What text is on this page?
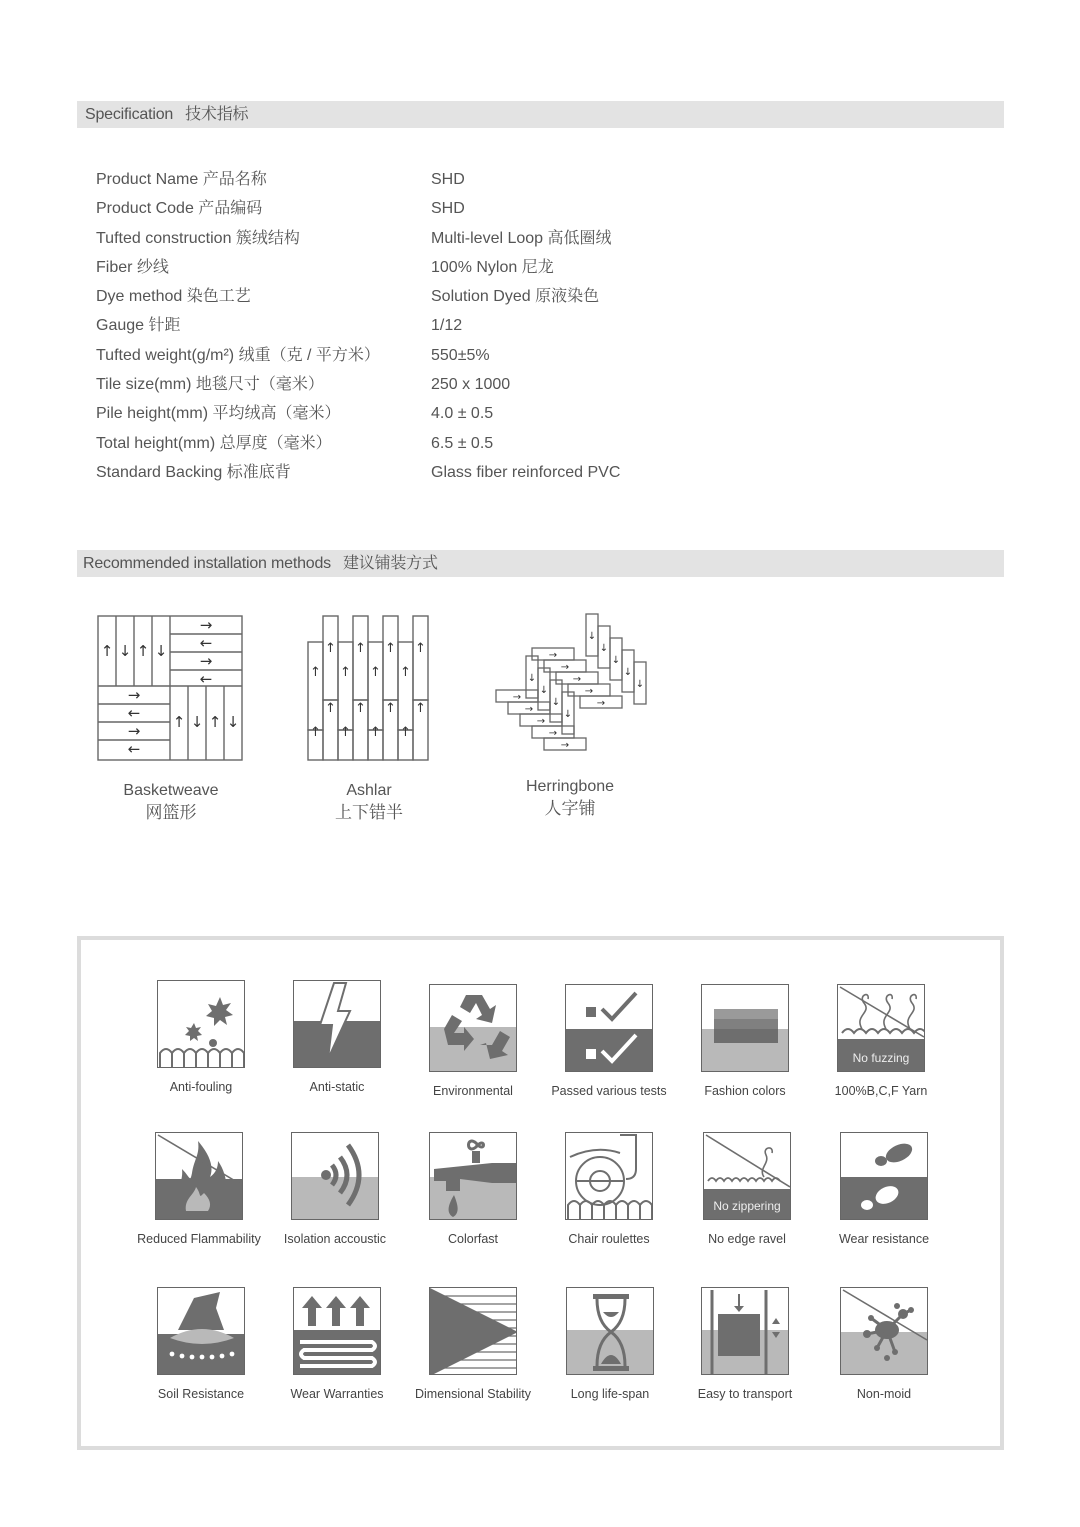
Specification 技术指标
Product Name 产品名称	SHD
Product Code 产品编码	SHD
Tufted construction 簇绒结构	Multi-level Loop 高低圈绒
Fiber 纱线	100% Nylon 尼龙
Dye method 染色工艺	Solution Dyed 原液染色
Gauge 针距	1/12
Tufted weight(g/m²) 绒重（克 / 平方米）	550±5%
Tile size(mm) 地毯尺寸（毫米）	250 x 1000
Pile height(mm) 平均绒高（毫米）	4.0 ± 0.5
Total height(mm) 总厚度（毫米）	6.5 ± 0.5
Standard Backing 标准底背	Glass fiber reinforced PVC
Recommended installation methods 建议铺装方式
↑ ↓ ↑ ↓
→
←
→
←
→
←
→
←
↑ ↓ ↑ ↓
Basketweave
网篮形
↑ ↑ ↑ ↑
↑ ↑ ↑ ↑
↑ ↑ ↑ ↑
↑ ↑ ↑ ↑
Ashlar
上下错半
↓
↓
↓
↓
↓
→
→
→
→
→
↓
↓
↓
↓
→
→
→
→
→
Herringbone
人字铺
Anti-fouling	Anti-static	Environmental	Passed various tests	Fashion colors
No fuzzing
100%B,C,F Yarn
Reduced Flammability	Isolation accoustic	Colorfast	Chair roulettes
No zippering
No edge ravel	Wear resistance
Soil Resistance	Wear Warranties	Dimensional Stability	Long life-span	Easy to transport	Non-moid
